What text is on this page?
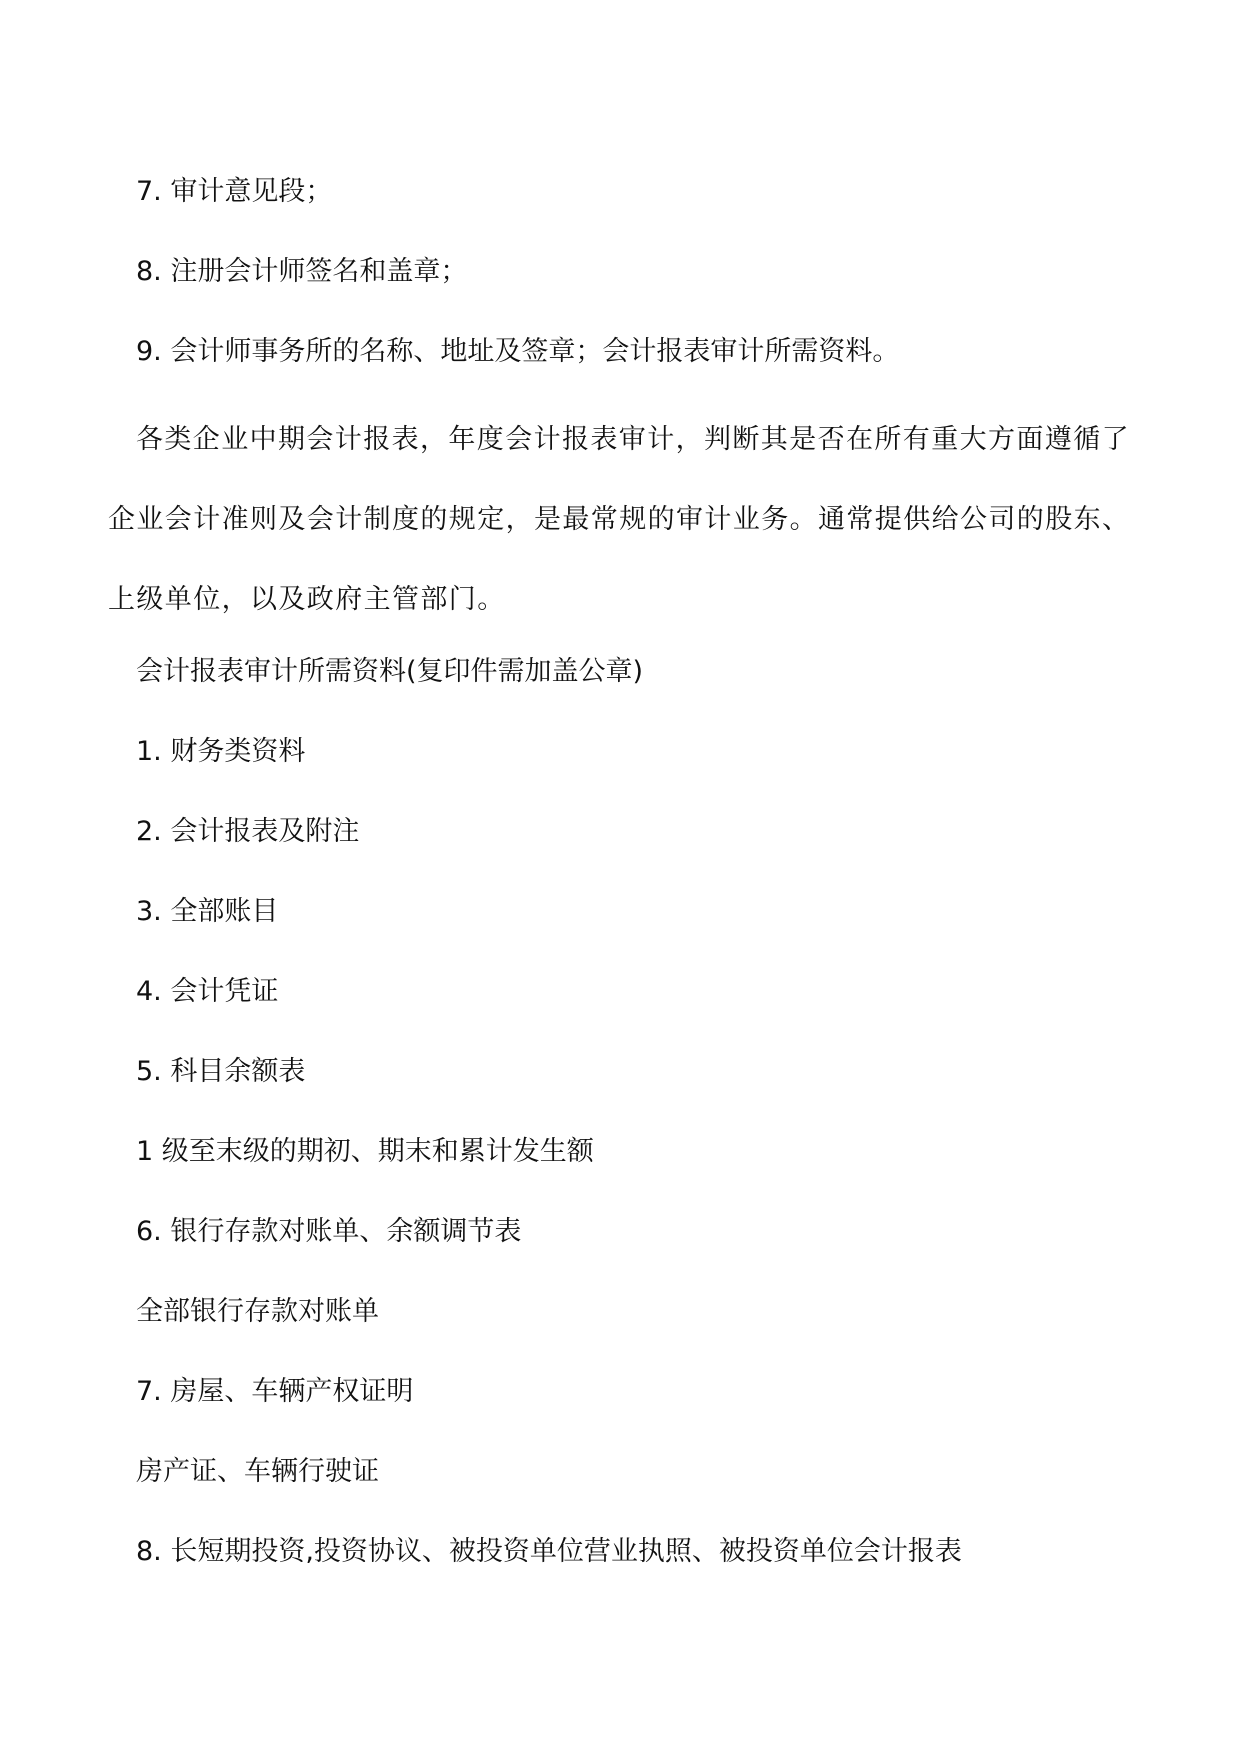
7. 审计意见段；
8. 注册会计师签名和盖章；
9. 会计师事务所的名称、地址及签章；会计报表审计所需资料。

各类企业中期会计报表，年度会计报表审计，判断其是否在所有重大方面遵循了企业会计准则及会计制度的规定，是最常规的审计业务。通常提供给公司的股东、上级单位，以及政府主管部门。

会计报表审计所需资料(复印件需加盖公章)
1. 财务类资料
2. 会计报表及附注
3. 全部账目
4. 会计凭证
5. 科目余额表
1 级至末级的期初、期末和累计发生额
6. 银行存款对账单、余额调节表
全部银行存款对账单
7. 房屋、车辆产权证明
房产证、车辆行驶证
8. 长短期投资,投资协议、被投资单位营业执照、被投资单位会计报表
